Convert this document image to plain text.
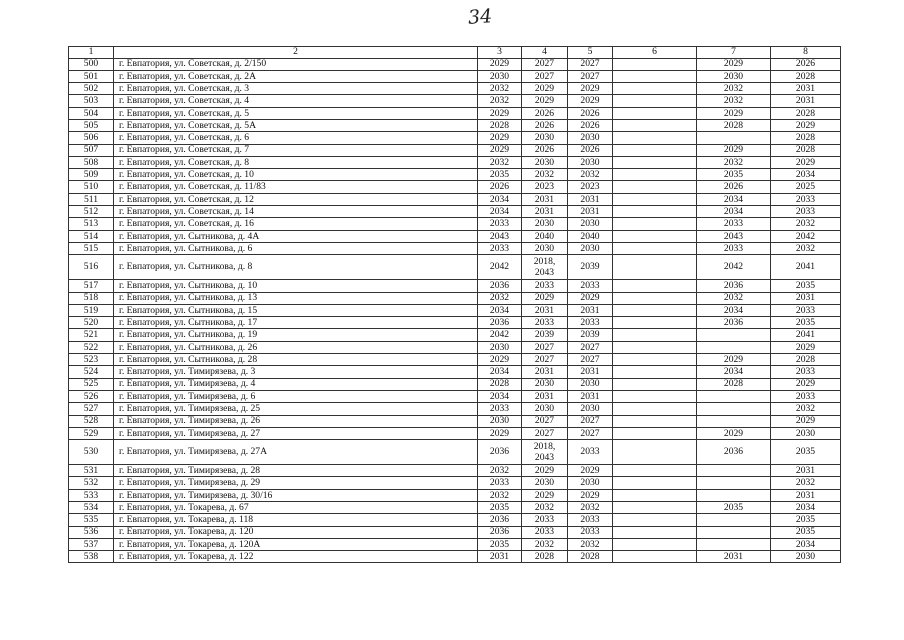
34
1	2	3	4	5	6	7	8
500	г. Евпатория, ул. Советская, д. 2/150	2029	2027	2027		2029	2026
501	г. Евпатория, ул. Советская, д. 2А	2030	2027	2027		2030	2028
502	г. Евпатория, ул. Советская, д. 3	2032	2029	2029		2032	2031
503	г. Евпатория, ул. Советская, д. 4	2032	2029	2029		2032	2031
504	г. Евпатория, ул. Советская, д. 5	2029	2026	2026		2029	2028
505	г. Евпатория, ул. Советская, д. 5А	2028	2026	2026		2028	2029
506	г. Евпатория, ул. Советская, д. 6	2029	2030	2030			2028
507	г. Евпатория, ул. Советская, д. 7	2029	2026	2026		2029	2028
508	г. Евпатория, ул. Советская, д. 8	2032	2030	2030		2032	2029
509	г. Евпатория, ул. Советская, д. 10	2035	2032	2032		2035	2034
510	г. Евпатория, ул. Советская, д. 11/83	2026	2023	2023		2026	2025
511	г. Евпатория, ул. Советская, д. 12	2034	2031	2031		2034	2033
512	г. Евпатория, ул. Советская, д. 14	2034	2031	2031		2034	2033
513	г. Евпатория, ул. Советская, д. 16	2033	2030	2030		2033	2032
514	г. Евпатория, ул. Сытникова, д. 4А	2043	2040	2040		2043	2042
515	г. Евпатория, ул. Сытникова, д. 6	2033	2030	2030		2033	2032
516	г. Евпатория, ул. Сытникова, д. 8	2042	2018, 2043	2039		2042	2041
517	г. Евпатория, ул. Сытникова, д. 10	2036	2033	2033		2036	2035
518	г. Евпатория, ул. Сытникова, д. 13	2032	2029	2029		2032	2031
519	г. Евпатория, ул. Сытникова, д. 15	2034	2031	2031		2034	2033
520	г. Евпатория, ул. Сытникова, д. 17	2036	2033	2033		2036	2035
521	г. Евпатория, ул. Сытникова, д. 19	2042	2039	2039			2041
522	г. Евпатория, ул. Сытникова, д. 26	2030	2027	2027			2029
523	г. Евпатория, ул. Сытникова, д. 28	2029	2027	2027		2029	2028
524	г. Евпатория, ул. Тимирязева, д. 3	2034	2031	2031		2034	2033
525	г. Евпатория, ул. Тимирязева, д. 4	2028	2030	2030		2028	2029
526	г. Евпатория, ул. Тимирязева, д. 6	2034	2031	2031			2033
527	г. Евпатория, ул. Тимирязева, д. 25	2033	2030	2030			2032
528	г. Евпатория, ул. Тимирязева, д. 26	2030	2027	2027			2029
529	г. Евпатория, ул. Тимирязева, д. 27	2029	2027	2027		2029	2030
530	г. Евпатория, ул. Тимирязева, д. 27А	2036	2018, 2043	2033		2036	2035
531	г. Евпатория, ул. Тимирязева, д. 28	2032	2029	2029			2031
532	г. Евпатория, ул. Тимирязева, д. 29	2033	2030	2030			2032
533	г. Евпатория, ул. Тимирязева, д. 30/16	2032	2029	2029			2031
534	г. Евпатория, ул. Токарева, д. 67	2035	2032	2032		2035	2034
535	г. Евпатория, ул. Токарева, д. 118	2036	2033	2033			2035
536	г. Евпатория, ул. Токарева, д. 120	2036	2033	2033			2035
537	г. Евпатория, ул. Токарева, д. 120А	2035	2032	2032			2034
538	г. Евпатория, ул. Токарева, д. 122	2031	2028	2028		2031	2030
